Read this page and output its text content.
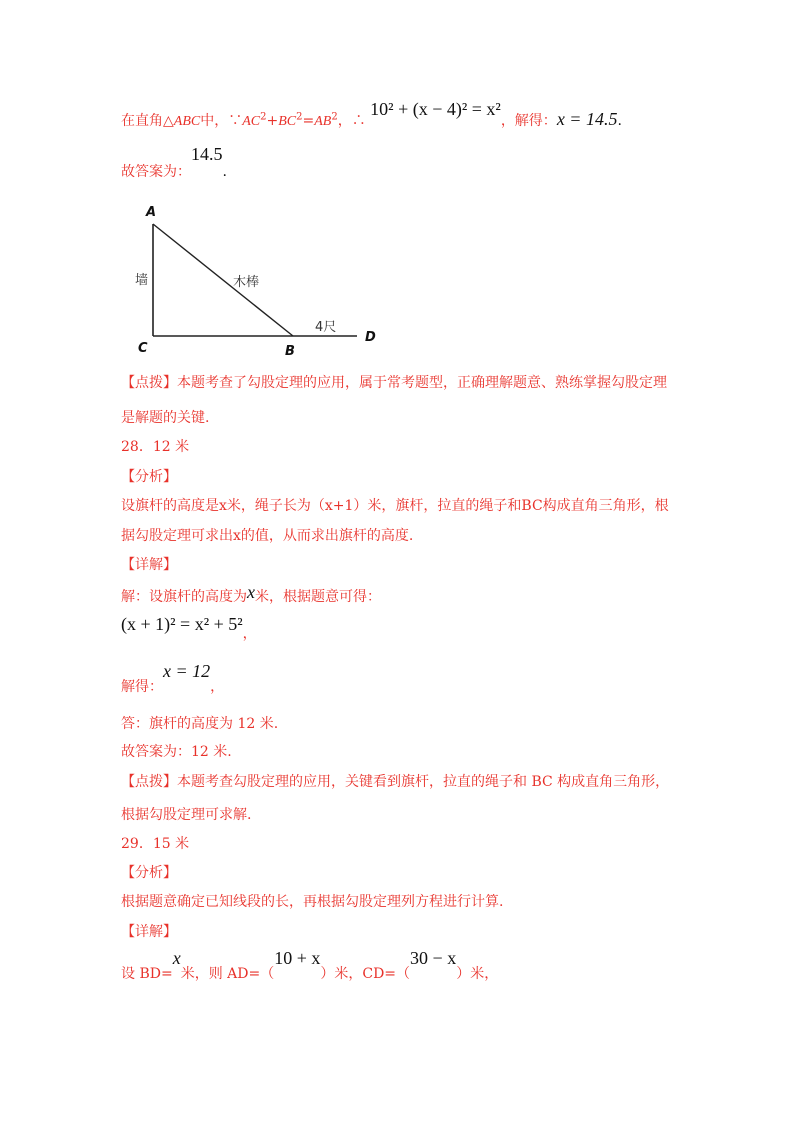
在直角△ABC中，$\because AC^2+BC^2=AB^2$，∴ 10² + (x − 4)² = x²，解得：x = 14.5.
故答案为：14.5.
A
C	B
D
墙	木棒
4尺
【点拨】本题考查了勾股定理的应用，属于常考题型，正确理解题意、熟练掌握勾股定理
是解题的关键.
28．12 米
【分析】
设旗杆的高度是x米，绳子长为（x+1）米，旗杆，拉直的绳子和BC构成直角三角形，根
据勾股定理可求出x的值，从而求出旗杆的高度.
【详解】
解：设旗杆的高度为x米，根据题意可得：
(x + 1)² = x² + 5²，
解得：x = 12，
答：旗杆的高度为 12 米.
故答案为：12 米.
【点拨】本题考查勾股定理的应用，关键看到旗杆，拉直的绳子和 BC 构成直角三角形，
根据勾股定理可求解.
29．15 米
【分析】
根据题意确定已知线段的长，再根据勾股定理列方程进行计算.
【详解】
设 BD=x米，则 AD=（10 + x）米，CD=（30 − x）米，
